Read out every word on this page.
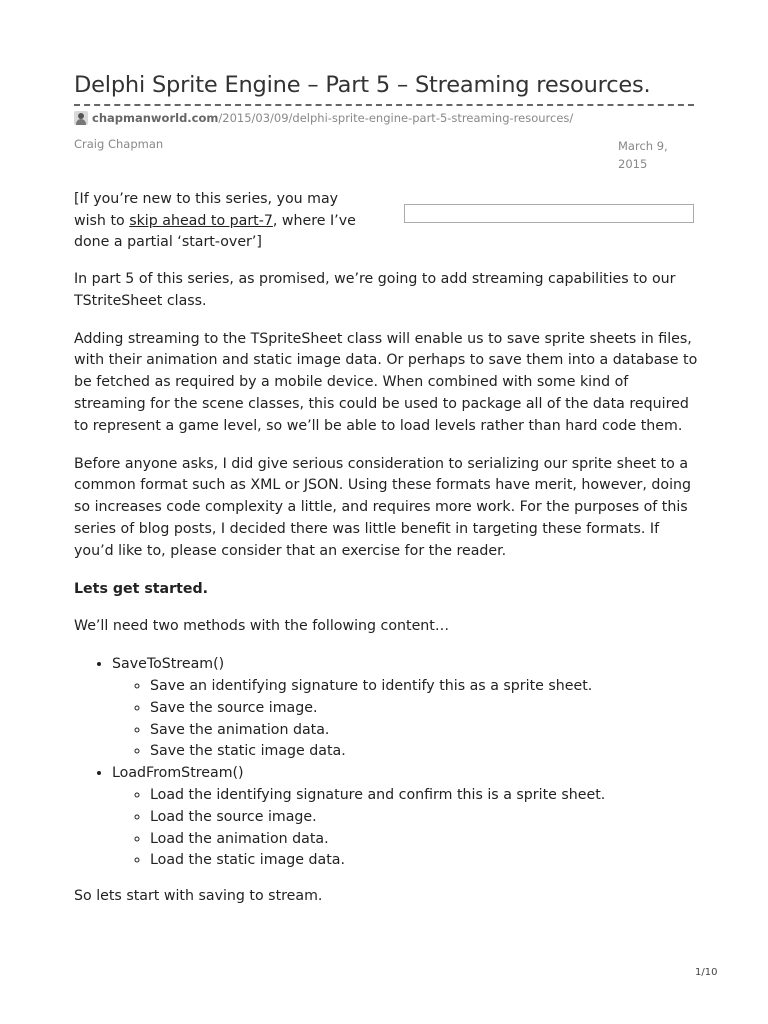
Delphi Sprite Engine – Part 5 – Streaming resources.
chapmanworld.com /2015/03/09/delphi-sprite-engine-part-5-streaming-resources/
Craig Chapman	March 9, 2015

[If you’re new to this series, you may wish to skip ahead to part-7, where I’ve done a partial ‘start-over’]

In part 5 of this series, as promised, we’re going to add streaming capabilities to our TStriteSheet class.

Adding streaming to the TSpriteSheet class will enable us to save sprite sheets in files, with their animation and static image data. Or perhaps to save them into a database to be fetched as required by a mobile device. When combined with some kind of streaming for the scene classes, this could be used to package all of the data required to represent a game level, so we’ll be able to load levels rather than hard code them.

Before anyone asks, I did give serious consideration to serializing our sprite sheet to a common format such as XML or JSON. Using these formats have merit, however, doing so increases code complexity a little, and requires more work. For the purposes of this series of blog posts, I decided there was little benefit in targeting these formats. If you’d like to, please consider that an exercise for the reader.

Lets get started.

We’ll need two methods with the following content…

• SaveToStream()
◦ Save an identifying signature to identify this as a sprite sheet.
◦ Save the source image.
◦ Save the animation data.
◦ Save the static image data.
• LoadFromStream()
◦ Load the identifying signature and confirm this is a sprite sheet.
◦ Load the source image.
◦ Load the animation data.
◦ Load the static image data.

So lets start with saving to stream.

1/10
